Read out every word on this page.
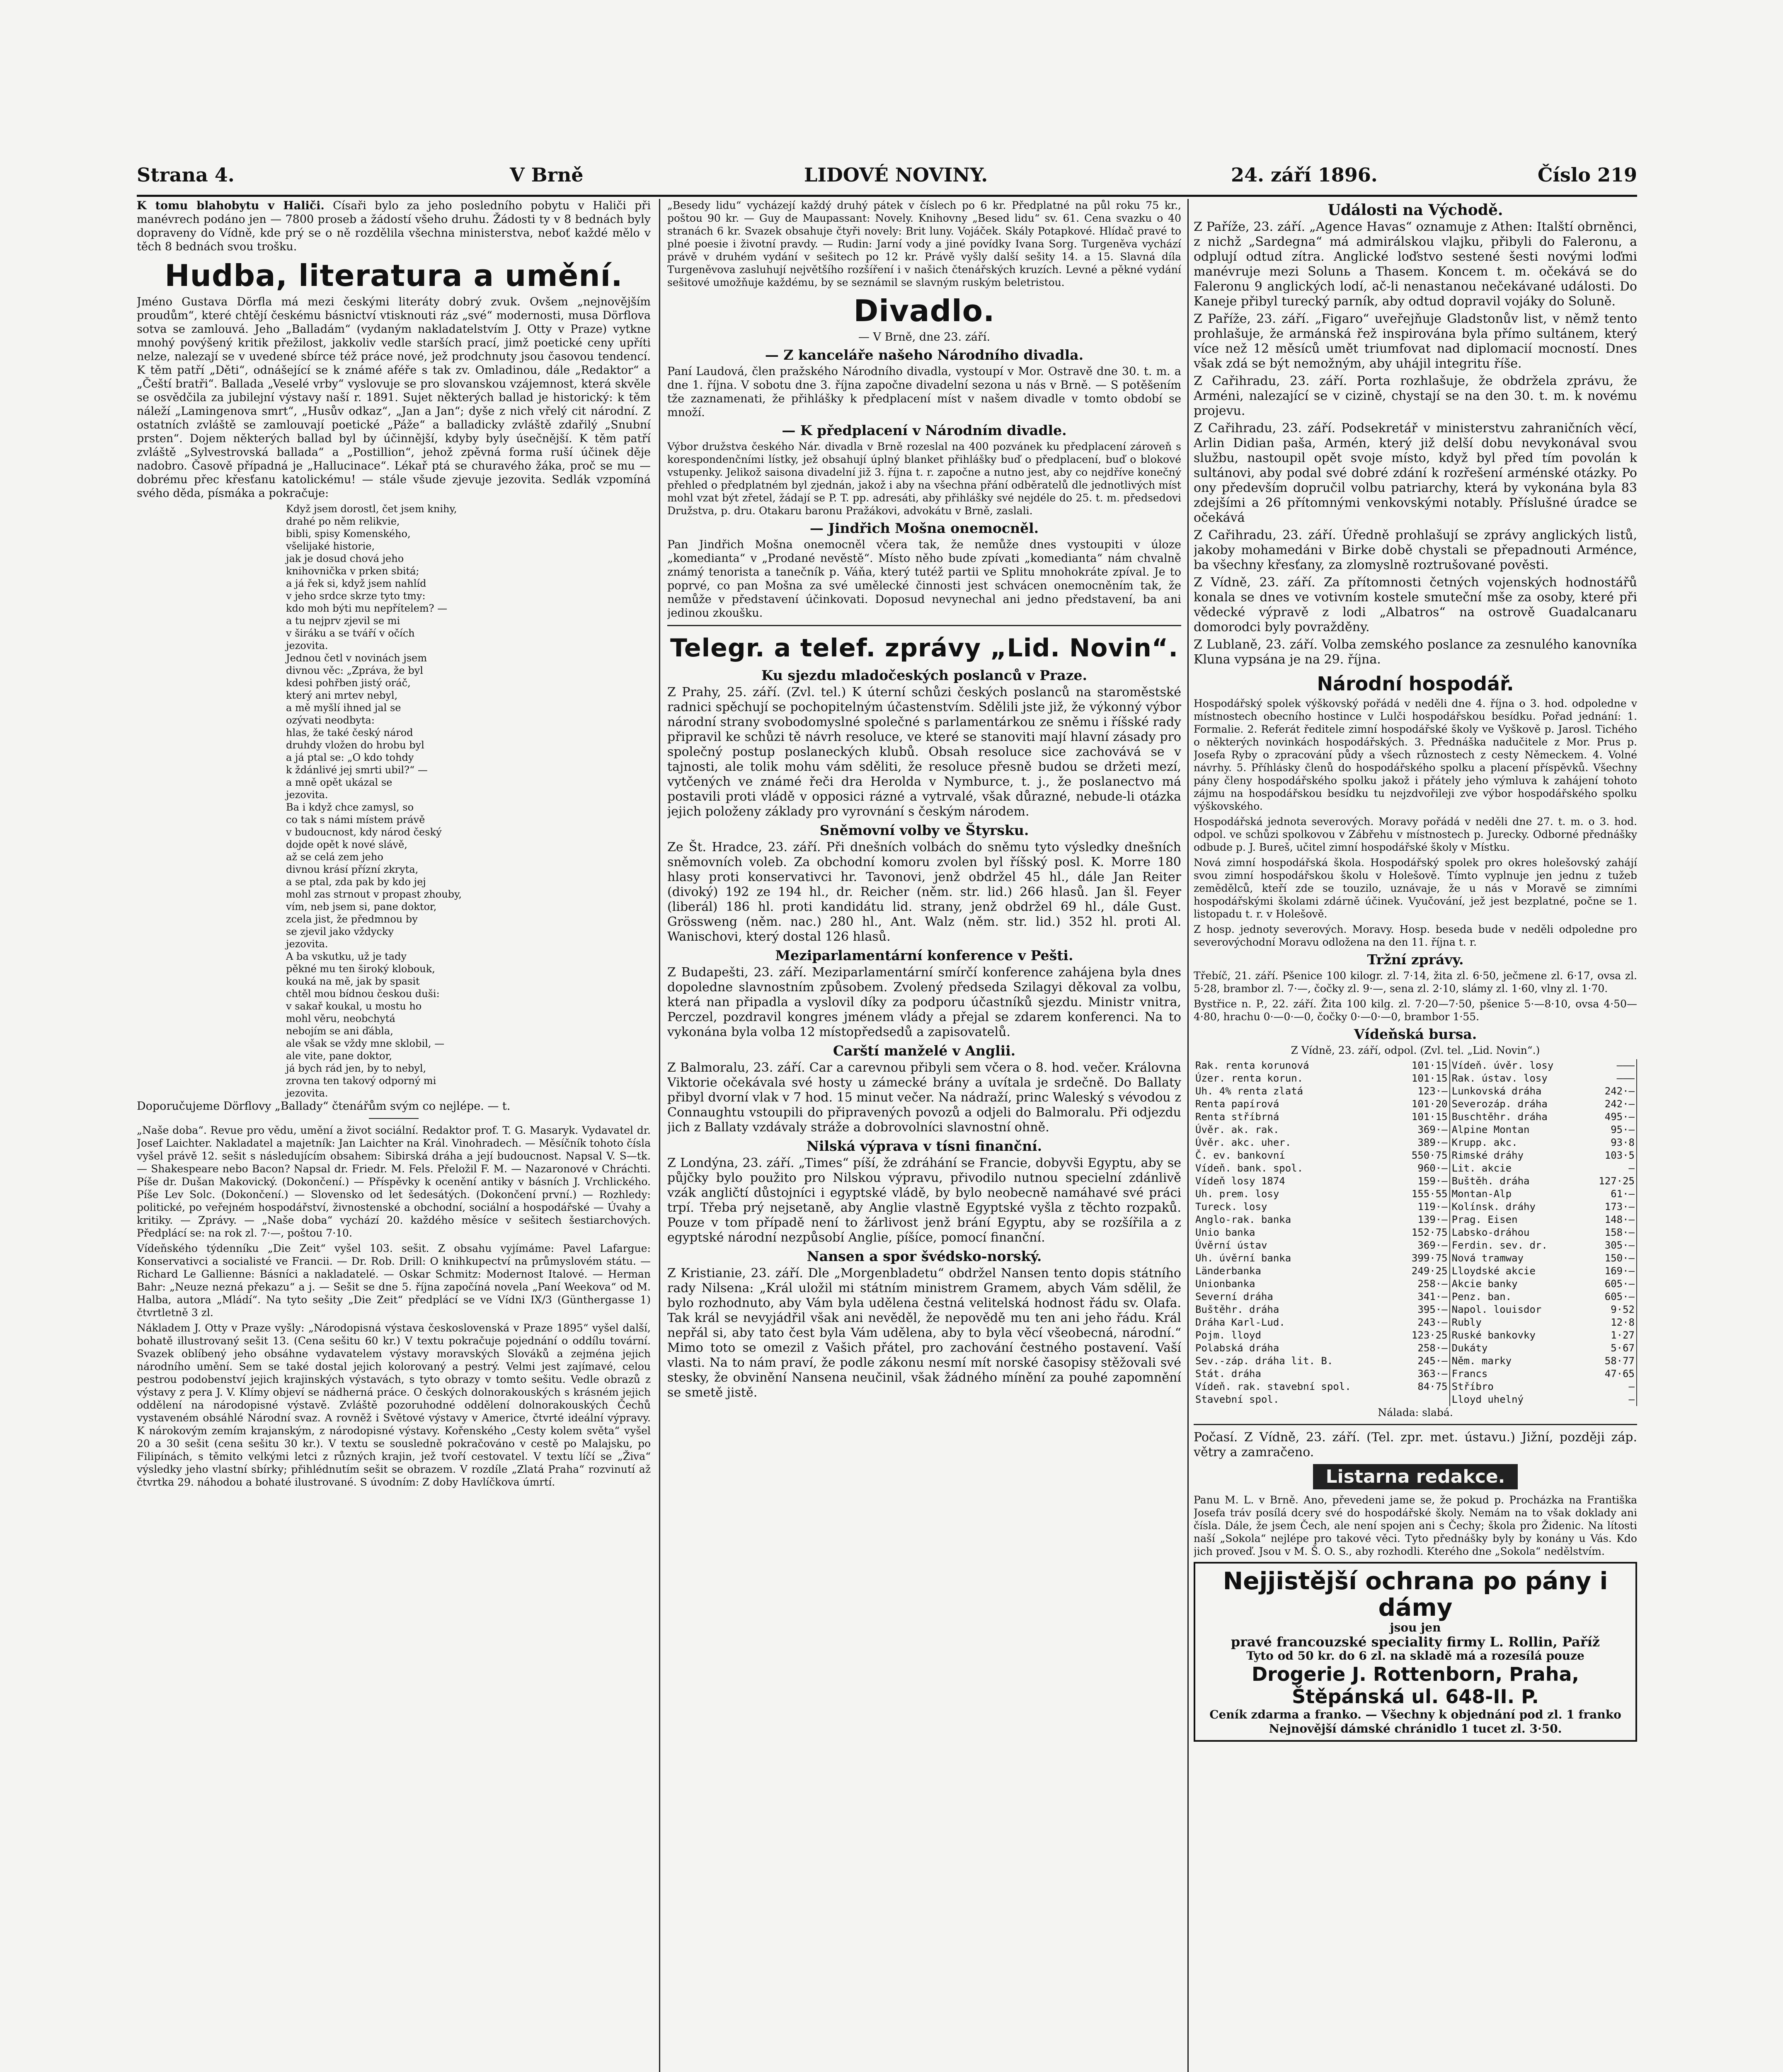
Strana 4.	V Brně	LIDOVÉ NOVINY.	24. září 1896.	Číslo 219

K tomu blahobytu v Haliči. Císaři bylo za jeho posledního pobytu v Haliči při manévrech podáno jen — 7800 proseb a žádostí všeho druhu. Žádosti ty v 8 bednách byly dopraveny do Vídně, kde prý se o ně rozdělila všechna ministerstva, neboť každé mělo v těch 8 bednách svou trošku.

Hudba, literatura a umění.

Jméno Gustava Dörfla má mezi českými literáty dobrý zvuk. Ovšem „nejnovějším proudům“, které chtějí českému básnictví vtisknouti ráz „své“ modernosti, musa Dörflova sotva se zamlouvá. Jeho „Balladám“ (vydaným nakladatelstvím J. Otty v Praze) vytkne mnohý povýšený kritik přežilost, jakkoliv vedle starších prací, jimž poetické ceny upříti nelze, nalezají se v uvedené sbírce též práce nové, jež prodchnuty jsou časovou tendencí. K těm patří „Děti“, odnášející se k známé aféře s tak zv. Omladinou, dále „Redaktor“ a „Čeští bratři“. Ballada „Veselé vrby“ vyslovuje se pro slovanskou vzájemnost, která skvěle se osvědčila za jubilejní výstavy naší r. 1891. Sujet některých ballad je historický: k těm náleží „Lamingenova smrt“, „Husův odkaz“, „Jan a Jan“; dyše z nich vřelý cit národní. Z ostatních zvláště se zamlouvají poetické „Páže“ a balladicky zvláště zdařilý „Snubní prsten“. Dojem některých ballad byl by účinnější, kdyby byly úsečnější. K těm patří zvláště „Sylvestrovská ballada“ a „Postillion“, jehož zpěvná forma ruší účinek děje nadobro. Časově případná je „Hallucinace“. Lékař ptá se churavého žáka, proč se mu — dobrému přec křesťanu katolickému! — stále všude zjevuje jezovita. Sedlák vzpomíná svého děda, písmáka a pokračuje:

Když jsem dorostl, čet jsem knihy,
drahé po něm relikvie,
bibli, spisy Komenského,
všelijaké historie,
jak je dosud chová jeho
knihovnička v prken sbitá;
a já řek si, když jsem nahlíd
v jeho srdce skrze tyto tmy:
kdo moh býti mu nepřítelem? —
a tu nejprv zjevil se mi
v širáku a se tváří v očích
jezovita.
Jednou četl v novinách jsem
divnou věc: „Zpráva, že byl
kdesi pohřben jistý oráč,
který ani mrtev nebyl,
a mě myšlí ihned jal se
ozývati neodbyta:
hlas, že také český národ
druhdy vložen do hrobu byl
a já ptal se: „O kdo tohdy
k ždánlivé jej smrti ubil?“ —
a mně opět ukázal se
jezovita.
Ba i když chce zamysl, so
co tak s námi místem právě
v budoucnost, kdy národ český
dojde opět k nové slávě,
až se celá zem jeho
divnou krásí přízní zkryta,
a se ptal, zda pak by kdo jej
mohl zas strnout v propast zhouby,
vím, neb jsem si, pane doktor,
zcela jist, že předmnou by
se zjevil jako vždycky
jezovita.
A ba vskutku, už je tady
pěkné mu ten široký klobouk,
kouká na mě, jak by spasit
chtěl mou bídnou českou duši:
v sakař koukal, u mostu ho
mohl věru, neobchytá
nebojím se ani ďábla,
ale však se vždy mne sklobil, —
ale vite, pane doktor,
já bych rád jen, by to nebyl,
zrovna ten takový odporný mi
jezovita.

Doporučujeme Dörflovy „Ballady“ čtenářům svým co nejlépe. — t.

„Naše doba“. Revue pro vědu, umění a život sociální. Redaktor prof. T. G. Masaryk. Vydavatel dr. Josef Laichter. Nakladatel a majetník: Jan Laichter na Král. Vinohradech. — Měsíčník tohoto čísla vyšel právě 12. sešit s následujícím obsahem: Sibirská dráha a její budoucnost. Napsal V. S—tk. — Shakespeare nebo Bacon? Napsal dr. Friedr. M. Fels. Přeložil F. M. — Nazaronové v Chráchti. Píše dr. Dušan Makovický. (Dokončení.) — Příspěvky k ocenění antiky v básních J. Vrchlického. Píše Lev Solc. (Dokončení.) — Slovensko od let šedesátých. (Dokončení první.) — Rozhledy: politické, po veřejném hospodářství, živnostenské a obchodní, sociální a hospodářské — Úvahy a kritiky. — Zprávy. — „Naše doba“ vychází 20. každého měsíce v sešitech šestiarchových. Předplácí se: na rok zl. 7·—, poštou 7·10.

Vídeňského týdenníku „Die Zeit“ vyšel 103. sešit. Z obsahu vyjímáme: Pavel Lafargue: Konservativci a socialisté ve Francii. — Dr. Rob. Drill: O knihkupectví na průmyslovém státu. — Richard Le Gallienne: Básníci a nakladatelé. — Oskar Schmitz: Modernost Italové. — Herman Bahr: „Neuze nezná překazu“ a j. — Sešit se dne 5. října započíná novela „Paní Weekova“ od M. Halba, autora „Mládí“. Na tyto sešity „Die Zeit“ předplácí se ve Vídni IX/3 (Günthergasse 1) čtvrtletně 3 zl.

Nákladem J. Otty v Praze vyšly: „Národopisná výstava československá v Praze 1895“ vyšel další, bohatě illustrovaný sešit 13. (Cena sešitu 60 kr.) V textu pokračuje pojednání o oddílu tovární. Svazek oblíbený jeho obsáhne vydavatelem výstavy moravských Slováků a zejména jejich národního umění. Sem se také dostal jejich kolorovaný a pestrý. Velmi jest zajímavé, celou pestrou podobenství jejich krajinských výstavách, s tyto obrazy v tomto sešitu. Vedle obrazů z výstavy z pera J. V. Klímy objeví se nádherná práce. O českých dolnorakouských s krásném jejich oddělení na národopisné výstavě. Zvláště pozoruhodné oddělení dolnorakouských Čechů vystaveném obsáhlé Národní svaz. A rovněž i Světové výstavy v Americe, čtvrté ideální výpravy. K nárokovým zemím krajanským, z národopisné výstavy. Kořenského „Cesty kolem světa“ vyšel 20 a 30 sešit (cena sešitu 30 kr.). V textu se sousledně pokračováno v cestě po Malajsku, po Filipínách, s těmito velkými letci z různých krajin, jež tvoří cestovatel. V textu líčí se „Živa“ výsledky jeho vlastní sbírky; přihlédnutím sešit se obrazem. V rozdíle „Zlatá Praha“ rozvinutí až čtvrtka 29. náhodou a bohaté ilustrované. S úvodním: Z doby Havlíčkova úmrtí.

„Besedy lidu“ vycházejí každý druhý pátek v číslech po 6 kr. Předplatné na půl roku 75 kr., poštou 90 kr. — Guy de Maupassant: Novely. Knihovny „Besed lidu“ sv. 61. Cena svazku o 40 stranách 6 kr. Svazek obsahuje čtyři novely: Brit luny. Vojáček. Skály Potapkové. Hlídač pravé to plné poesie i životní pravdy. — Rudin: Jarní vody a jiné povídky Ivana Sorg. Turgeněva vychází právě v druhém vydání v sešitech po 12 kr. Právě vyšly další sešity 14. a 15. Slavná díla Turgeněvova zasluhují největšího rozšíření i v našich čtenářských kruzích. Levné a pěkné vydání sešitové umožňuje každému, by se seznámil se slavným ruským beletristou.

Divadlo.

— V Brně, dne 23. září.

— Z kanceláře našeho Národního divadla.

Paní Laudová, člen pražského Národního divadla, vystoupí v Mor. Ostravě dne 30. t. m. a dne 1. října. V sobotu dne 3. října započne divadelní sezona u nás v Brně. — S potěšením tže zaznamenati, že přihlášky k předplacení míst v našem divadle v tomto období se množí.

— K předplacení v Národním divadle.

Výbor družstva českého Nár. divadla v Brně rozeslal na 400 pozvánek ku předplacení zároveň s korespondenčními lístky, jež obsahují úplný blanket přihlášky buď o předplacení, buď o blokové vstupenky. Jelikož saisona divadelní již 3. října t. r. započne a nutno jest, aby co nejdříve konečný přehled o předplatném byl zjednán, jakož i aby na všechna přání odběratelů dle jednotlivých míst mohl vzat být zřetel, žádají se P. T. pp. adresáti, aby přihlášky své nejdéle do 25. t. m. předsedovi Družstva, p. dru. Otakaru baronu Pražákovi, advokátu v Brně, zaslali.

— Jindřich Mošna onemocněl.

Pan Jindřich Mošna onemocněl včera tak, že nemůže dnes vystoupiti v úloze „komedianta“ v „Prodané nevěstě“. Místo něho bude zpívati „komedianta“ nám chvalně známý tenorista a tanečník p. Váňa, který tutéž partii ve Splitu mnohokráte zpíval. Je to poprvé, co pan Mošna za své umělecké činnosti jest schvácen onemocněním tak, že nemůže v představení účinkovati. Doposud nevynechal ani jedno představení, ba ani jedinou zkoušku.

Telegr. a telef. zprávy „Lid. Novin“.
Ku sjezdu mladočeských poslanců v Praze.

Z Prahy, 25. září. (Zvl. tel.) K úterní schůzi českých poslanců na staroměstské radnici spěchují se pochopitelným účastenstvím. Sdělili jste již, že výkonný výbor národní strany svobodomyslné společné s parlamentárkou ze sněmu i říšské rady připravil ke schůzi tě návrh resoluce, ve které se stanoviti mají hlavní zásady pro společný postup poslaneckých klubů. Obsah resoluce sice zachovává se v tajnosti, ale tolik mohu vám sděliti, že resoluce přesně budou se držeti mezí, vytčených ve známé řeči dra Herolda v Nymburce, t. j., že poslanectvo má postavili proti vládě v opposici rázné a vytrvalé, však důrazné, nebude-li otázka jejich položeny základy pro vyrovnání s českým národem.

Sněmovní volby ve Štyrsku.

Ze Št. Hradce, 23. září. Při dnešních volbách do sněmu tyto výsledky dnešních sněmovních voleb. Za obchodní komoru zvolen byl říšský posl. K. Morre 180 hlasy proti konservativci hr. Tavonovi, jenž obdržel 45 hl., dále Jan Reiter (divoký) 192 ze 194 hl., dr. Reicher (něm. str. lid.) 266 hlasů. Jan šl. Feyer (liberál) 186 hl. proti kandidátu lid. strany, jenž obdržel 69 hl., dále Gust. Grössweng (něm. nac.) 280 hl., Ant. Walz (něm. str. lid.) 352 hl. proti Al. Wanischovi, který dostal 126 hlasů.

Meziparlamentární konference v Pešti.

Z Budapešti, 23. září. Meziparlamentární smírčí konference zahájena byla dnes dopoledne slavnostním způsobem. Zvolený předseda Szilagyi děkoval za volbu, která nan připadla a vyslovil díky za podporu účastníků sjezdu. Ministr vnitra, Perczel, pozdravil kongres jménem vlády a přejal se zdarem konferenci. Na to vykonána byla volba 12 místopředsedů a zapisovatelů.

Carští manželé v Anglii.

Z Balmoralu, 23. září. Car a carevnou přibyli sem včera o 8. hod. večer. Královna Viktorie očekávala své hosty u zámecké brány a uvítala je srdečně. Do Ballaty přibyl dvorní vlak v 7 hod. 15 minut večer. Na nádraží, princ Waleský s vévodou z Connaughtu vstoupili do připravených povozů a odjeli do Balmoralu. Při odjezdu jich z Ballaty vzdávaly stráže a dobrovolníci slavnostní ohně.

Nilská výprava v tísni finanční.

Z Londýna, 23. září. „Times“ píší, že zdráhání se Francie, dobyvši Egyptu, aby se půjčky bylo použito pro Nilskou výpravu, přivodilo nutnou specielní zdánlivě vzák angličtí důstojníci i egyptské vládě, by bylo neobecně namáhavé své práci trpí. Třeba prý nejsetaně, aby Anglie vlastně Egyptské vyšla z těchto rozpaků. Pouze v tom případě není to žárlivost jenž brání Egyptu, aby se rozšířila a z egyptské národní nezpůsobí Anglie, píšíce, pomocí finanční.

Nansen a spor švédsko-norský.

Z Kristianie, 23. září. Dle „Morgenbladetu“ obdržel Nansen tento dopis státního rady Nilsena: „Král uložil mi státním ministrem Gramem, abych Vám sdělil, že bylo rozhodnuto, aby Vám byla udělena čestná velitelská hodnost řádu sv. Olafa. Tak král se nevyjádřil však ani nevěděl, že nepovědě mu ten ani jeho řádu. Král nepřál si, aby tato čest byla Vám udělena, aby to byla věcí všeobecná, národní.“ Mimo toto se omezil z Vašich přátel, pro zachování čestného postavení. Vaší vlasti. Na to nám praví, že podle zákonu nesmí mít norské časopisy stěžovali své stesky, že obvinění Nansena neučinil, však žádného mínění za pouhé zapomnění se smetě jistě.

Události na Východě.

Z Paříže, 23. září. „Agence Havas“ oznamuje z Athen: Italští obrněnci, z nichž „Sardegna“ má admirálskou vlajku, přibyli do Faleronu, a odplují odtud zítra. Anglické loďstvo sestené šesti novými loďmi manévruje mezi Solunь a Thasem. Koncem t. m. očekává se do Faleronu 9 anglických lodí, ač-li nenastanou nečekávané události. Do Kaneje přibyl turecký parník, aby odtud dopravil vojáky do Soluně.

Z Paříže, 23. září. „Figaro“ uveřejňuje Gladstonův list, v němž tento prohlašuje, že armánská řež inspirována byla přímo sultánem, který více než 12 měsíců umět triumfovat nad diplomacií mocností. Dnes však zdá se být nemožným, aby uhájil integritu říše.

Z Cařihradu, 23. září. Porta rozhlašuje, že obdržela zprávu, že Arméni, nalezající se v cizině, chystají se na den 30. t. m. k novému projevu.

Z Cařihradu, 23. září. Podsekretář v ministerstvu zahraničních věcí, Arlin Didian paša, Armén, který již delší dobu nevykonával svou službu, nastoupil opět svoje místo, když byl před tím povolán k sultánovi, aby podal své dobré zdání k rozřešení arménské otázky. Po ony především dopručil volbu patriarchy, která by vykonána byla 83 zdejšími a 26 přítomnými venkovskými notably. Příslušné úradce se očekává

Z Cařihradu, 23. září. Úředně prohlašují se zprávy anglických listů, jakoby mohamedáni v Birke době chystali se přepadnouti Arménce, ba všechny křesťany, za zlomyslně roztrušované pověsti.

Z Vídně, 23. září. Za přítomnosti četných vojenských hodnostářů konala se dnes ve votivním kostele smuteční mše za osoby, které při vědecké výpravě z lodi „Albatros“ na ostrově Guadalcanaru domorodci byly povražděny.

Z Lublaně, 23. září. Volba zemského poslance za zesnulého kanovníka Kluna vypsána je na 29. října.

Národní hospodář.

Hospodářský spolek výškovský pořádá v neděli dne 4. října o 3. hod. odpoledne v místnostech obecního hostince v Lulči hospodářskou besídku. Pořad jednání: 1. Formalie. 2. Referát ředitele zimní hospodářské školy ve Vyškově p. Jarosl. Tichého o některých novinkách hospodářských. 3. Přednáška nadučitele z Mor. Prus p. Josefa Ryby o zpracování půdy a všech různostech z cesty Německem. 4. Volné návrhy. 5. Příhlásky členů do hospodářského spolku a placení příspěvků. Všechny pány členy hospodářského spolku jakož i přátely jeho výmluva k zahájení tohoto zájmu na hospodářskou besídku tu nejzdvořileji zve výbor hospodářského spolku výškovského.

Hospodářská jednota severových. Moravy pořádá v neděli dne 27. t. m. o 3. hod. odpol. ve schůzi spolkovou v Zábřehu v místnostech p. Jurecky. Odborné přednášky odbude p. J. Bureš, učitel zimní hospodářské školy v Místku.

Nová zimní hospodářská škola. Hospodářský spolek pro okres holešovský zahájí svou zimní hospodářskou školu v Holešově. Tímto vyplnuje jen jednu z tužeb zemědělců, kteří zde se touzilo, uznávaje, že u nás v Moravě se zimními hospodářskými školami zdárně účinek. Vyučování, jež jest bezplatné, počne se 1. listopadu t. r. v Holešově.

Z hosp. jednoty severových. Moravy. Hosp. beseda bude v neděli odpoledne pro severovýchodní Moravu odložena na den 11. října t. r.

Tržní zprávy.

Třebíč, 21. září. Pšenice 100 kilogr. zl. 7·14, žita zl. 6·50, ječmene zl. 6·17, ovsa zl. 5·28, brambor zl. 7·—, čočky zl. 9·—, sena zl. 2·10, slámy zl. 1·60, vlny zl. 1·70.

Bystřice n. P., 22. září. Žita 100 kilg. zl. 7·20—7·50, pšenice 5·—8·10, ovsa 4·50—4·80, hrachu 0·—0·—0, čočky 0·—0·—0, brambor 1·55.

Vídeňská bursa.

Z Vídně, 23. září, odpol. (Zvl. tel. „Lid. Novin“.)

Rak. renta korunová	101·15	Vídeň. úvěr. losy	———
Úzer. renta korun.	101·15	Rak. ústav. losy	———
Uh. 4% renta zlatá	123·—	Lunkovská dráha	242·—
Renta papírová	101·20	Severozáp. dráha	242·—
Renta stříbrná	101·15	Buschtěhr. dráha	495·—
Úvěr. ak. rak.	369·—	Alpine Montan	95·—
Úvěr. akc. uher.	389·—	Krupp. akc.	93·8
Č. ev. bankovní	550·75	Rimské dráhy	103·5
Vídeň. bank. spol.	960·—	Lit. akcie	—
Vídeň losy 1874	159·—	Buštěh. dráha	127·25
Uh. prem. losy	155·55	Montan-Alp	61·—
Tureck. losy	119·—	Kolínsk. dráhy	173·—
Anglo-rak. banka	139·—	Prag. Eisen	148·—
Unio banka	152·75	Labsko-dráhou	158·—
Úvěrní ústav	369·—	Ferdin. sev. dr.	305·—
Uh. úvěrní banka	399·75	Nová tramway	150·—
Länderbanka	249·25	Lloydské akcie	169·—
Unionbanka	258·—	Akcie banky	605·—
Severní dráha	341·—	Penz. ban.	605·—
Buštěhr. dráha	395·—	Napol. louisdor	9·52
Dráha Karl-Lud.	243·—	Rubly	12·8
Pojm. lloyd	123·25	Ruské bankovky	1·27
Polabská dráha	258·—	Dukáty	5·67
Sev.-záp. dráha lit. B.	245·—	Něm. marky	58·77
Stát. dráha	363·—	Francs	47·65
Vídeň. rak. stavební spol.	84·75	Stříbro	—
Stavební spol.		Lloyd uhelný	—

Nálada: slabá.

Počasí. Z Vídně, 23. září. (Tel. zpr. met. ústavu.) Jižní, později záp. větry a zamračeno.

Listarna redakce.

Panu M. L. v Brně. Ano, převedeni jame se, že pokud p. Procházka na Františka Josefa tráv posílá dcery své do hospodářské školy. Nemám na to však doklady ani čísla. Dále, že jsem Čech, ale není spojen ani s Čechy; škola pro Židenic. Na lítosti naší „Sokola“ nejlépe pro takové věci. Tyto přednášky byly by konány u Vás. Kdo jich proveď. Jsou v M. Š. O. S., aby rozhodli. Kterého dne „Sokola“ nedělstvím.

Nejjistější ochrana po pány i dámy
jsou jen
pravé francouzské speciality firmy L. Rollin, Paříž
Tyto od 50 kr. do 6 zl. na skladě má a rozesílá pouze
Drogerie J. Rottenborn, Praha, Štěpánská ul. 648-II. P.
Ceník zdarma a franko. — Všechny k objednání pod zl. 1 franko
Nejnovější dámské chránidlo 1 tucet zl. 3·50.
